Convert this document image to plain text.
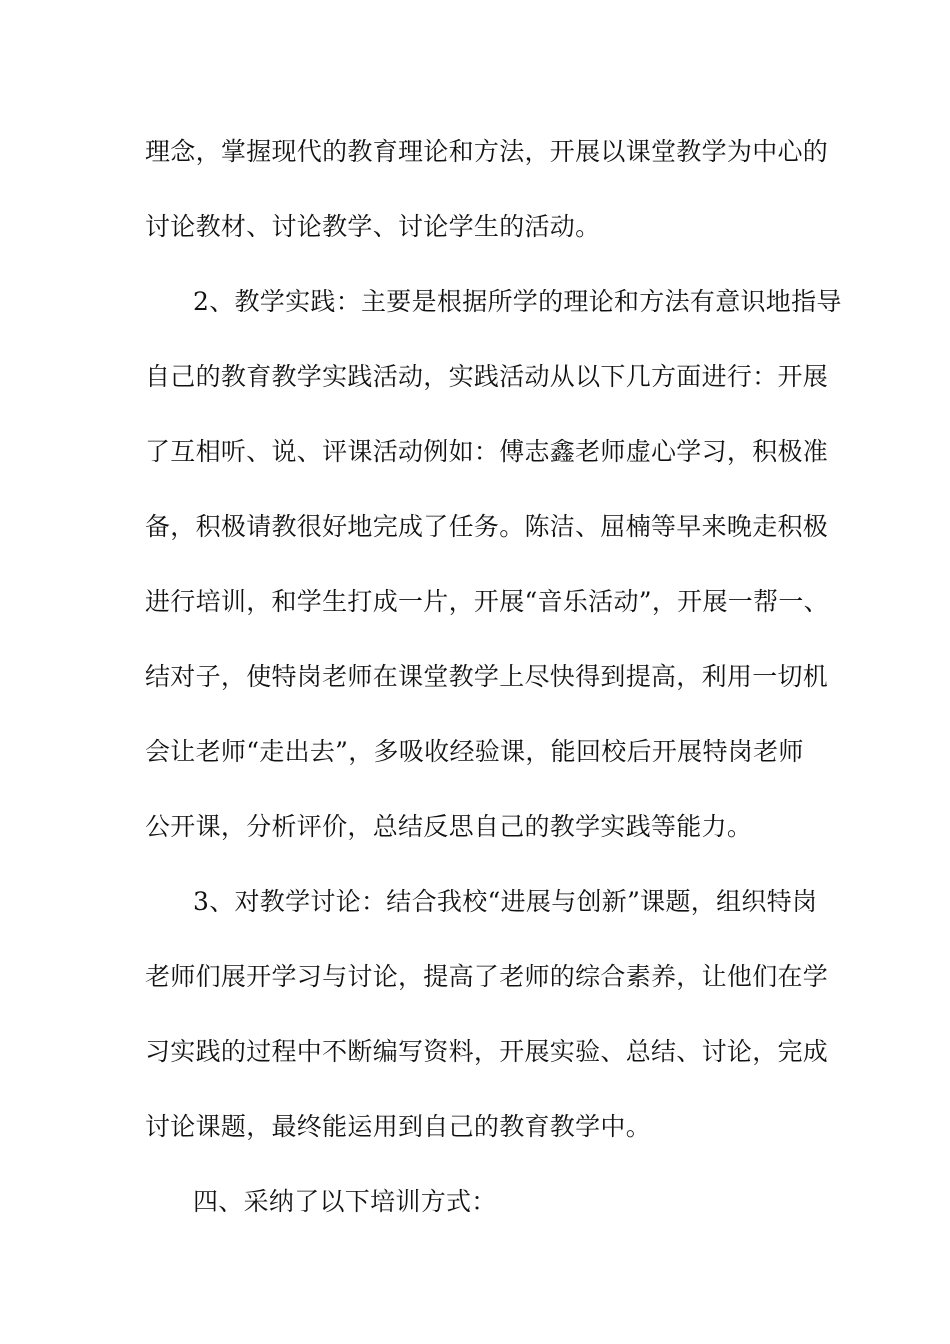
理念，掌握现代的教育理论和方法，开展以课堂教学为中心的
讨论教材、讨论教学、讨论学生的活动。
2、教学实践：主要是根据所学的理论和方法有意识地指导
自己的教育教学实践活动，实践活动从以下几方面进行：开展
了互相听、说、评课活动例如：傅志鑫老师虚心学习，积极准
备，积极请教很好地完成了任务。陈洁、屈楠等早来晚走积极
进行培训，和学生打成一片，开展“音乐活动”，开展一帮一、
结对子，使特岗老师在课堂教学上尽快得到提高，利用一切机
会让老师“走出去”，多吸收经验课，能回校后开展特岗老师
公开课，分析评价，总结反思自己的教学实践等能力。
3、对教学讨论：结合我校“进展与创新”课题，组织特岗
老师们展开学习与讨论，提高了老师的综合素养，让他们在学
习实践的过程中不断编写资料，开展实验、总结、讨论，完成
讨论课题，最终能运用到自己的教育教学中。
四、采纳了以下培训方式：
